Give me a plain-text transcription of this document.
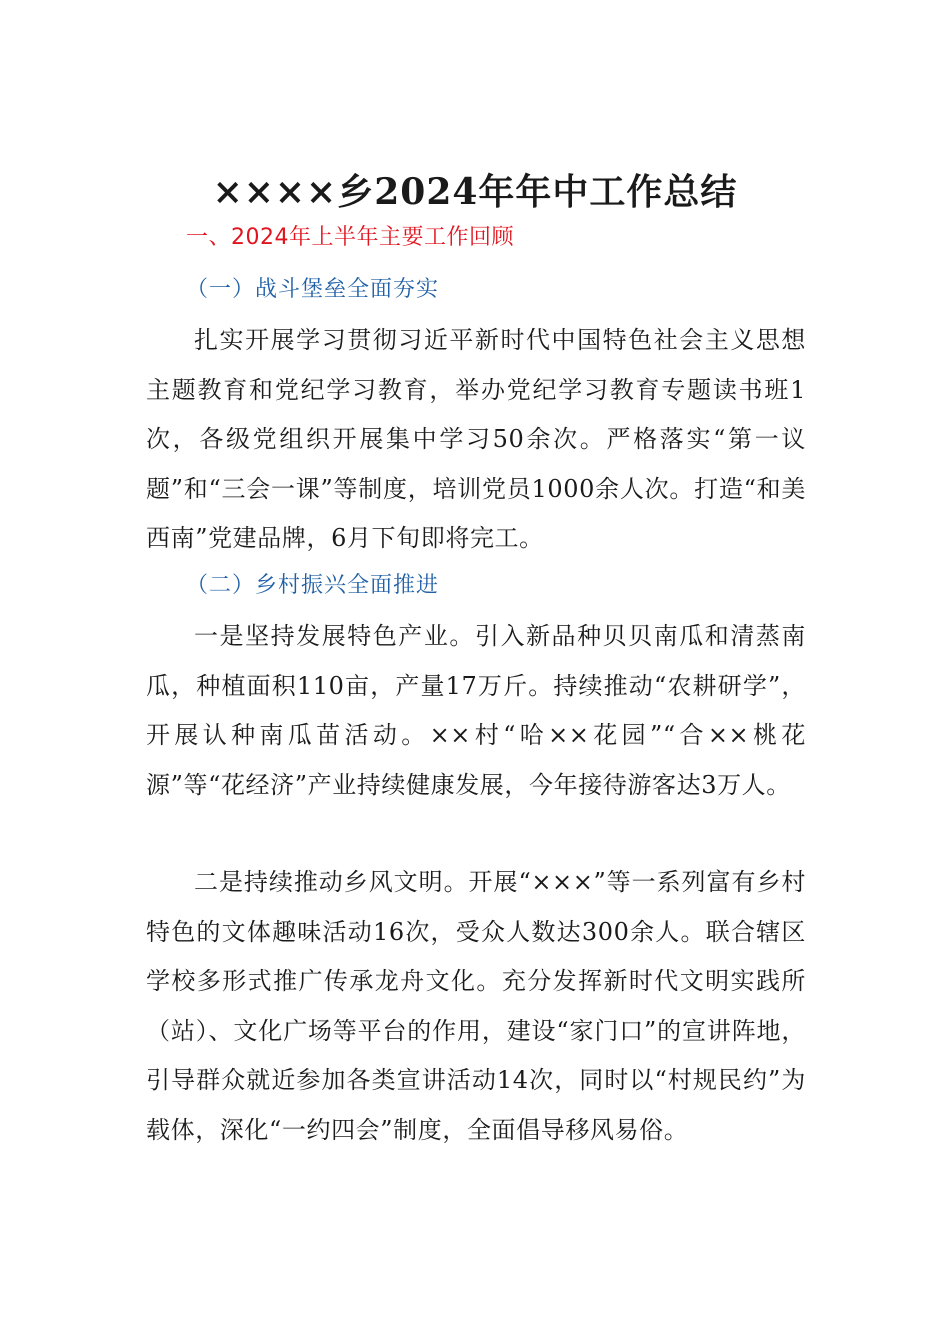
××××乡2024年年中工作总结
一、2024年上半年主要工作回顾
（一）战斗堡垒全面夯实

扎实开展学习贯彻习近平新时代中国特色社会主义思想主题教育和党纪学习教育，举办党纪学习教育专题读书班1次，各级党组织开展集中学习50余次。严格落实“第一议题”和“三会一课”等制度，培训党员1000余人次。打造“和美西南”党建品牌，6月下旬即将完工。

（二）乡村振兴全面推进

一是坚持发展特色产业。引入新品种贝贝南瓜和清蒸南瓜，种植面积110亩，产量17万斤。持续推动“农耕研学”，开展认种南瓜苗活动。××村“哈××花园”“合××桃花源”等“花经济”产业持续健康发展，今年接待游客达3万人。

二是持续推动乡风文明。开展“×××”等一系列富有乡村特色的文体趣味活动16次，受众人数达300余人。联合辖区学校多形式推广传承龙舟文化。充分发挥新时代文明实践所（站）、文化广场等平台的作用，建设“家门口”的宣讲阵地，引导群众就近参加各类宣讲活动14次，同时以“村规民约”为载体，深化“一约四会”制度，全面倡导移风易俗。
